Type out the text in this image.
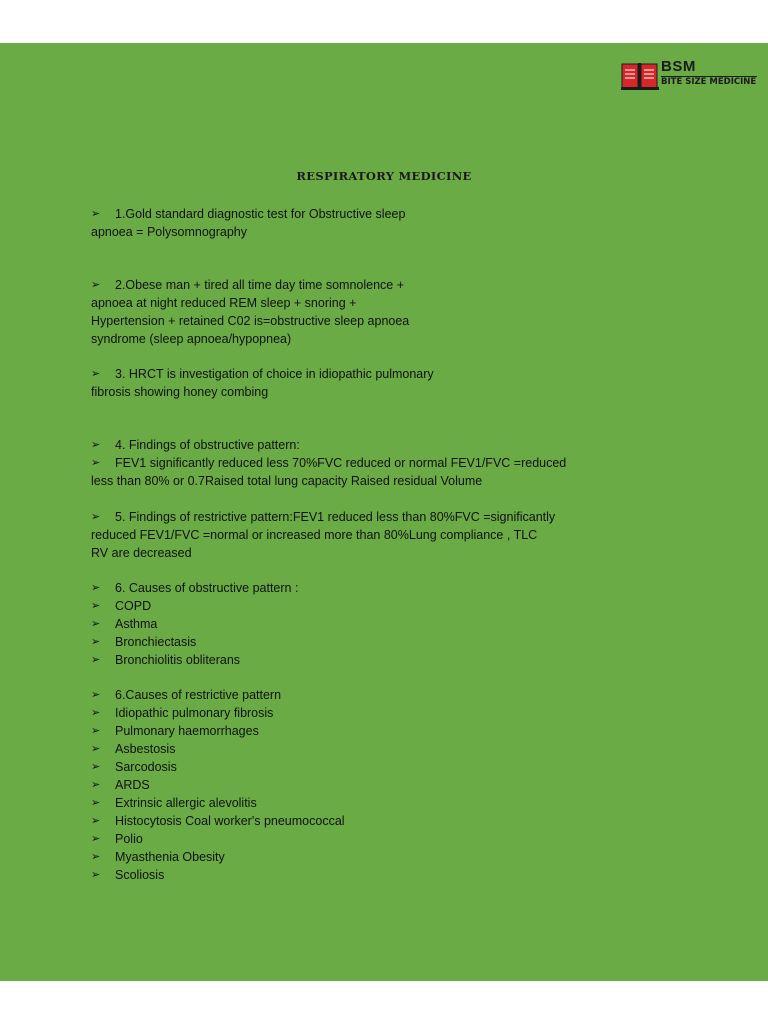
BSM
BITE SIZE MEDICINE
RESPIRATORY MEDICINE
➢	1.Gold standard diagnostic test for Obstructive sleep
apnoea = Polysomnography
➢	2.Obese man + tired all time day time somnolence +
apnoea at night reduced REM sleep + snoring +
Hypertension + retained C02 is=obstructive sleep apnoea
syndrome (sleep apnoea/hypopnea)
➢	3. HRCT is investigation of choice in idiopathic pulmonary
fibrosis showing honey combing
➢	4. Findings of obstructive pattern:
➢	FEV1 significantly reduced less 70%FVC reduced or normal FEV1/FVC =reduced
less than 80% or 0.7Raised total lung capacity Raised residual Volume
➢	5. Findings of restrictive pattern:FEV1 reduced less than 80%FVC =significantly
reduced FEV1/FVC =normal or increased more than 80%Lung compliance , TLC
RV are decreased
➢ 6. Causes of obstructive pattern :
➢ COPD
➢ Asthma
➢ Bronchiectasis
➢ Bronchiolitis obliterans
➢ 6.Causes of restrictive pattern
➢ Idiopathic pulmonary fibrosis
➢ Pulmonary haemorrhages
➢ Asbestosis
➢ Sarcodosis
➢ ARDS
➢ Extrinsic allergic alevolitis
➢ Histocytosis Coal worker's pneumococcal
➢ Polio
➢ Myasthenia Obesity
➢ Scoliosis
